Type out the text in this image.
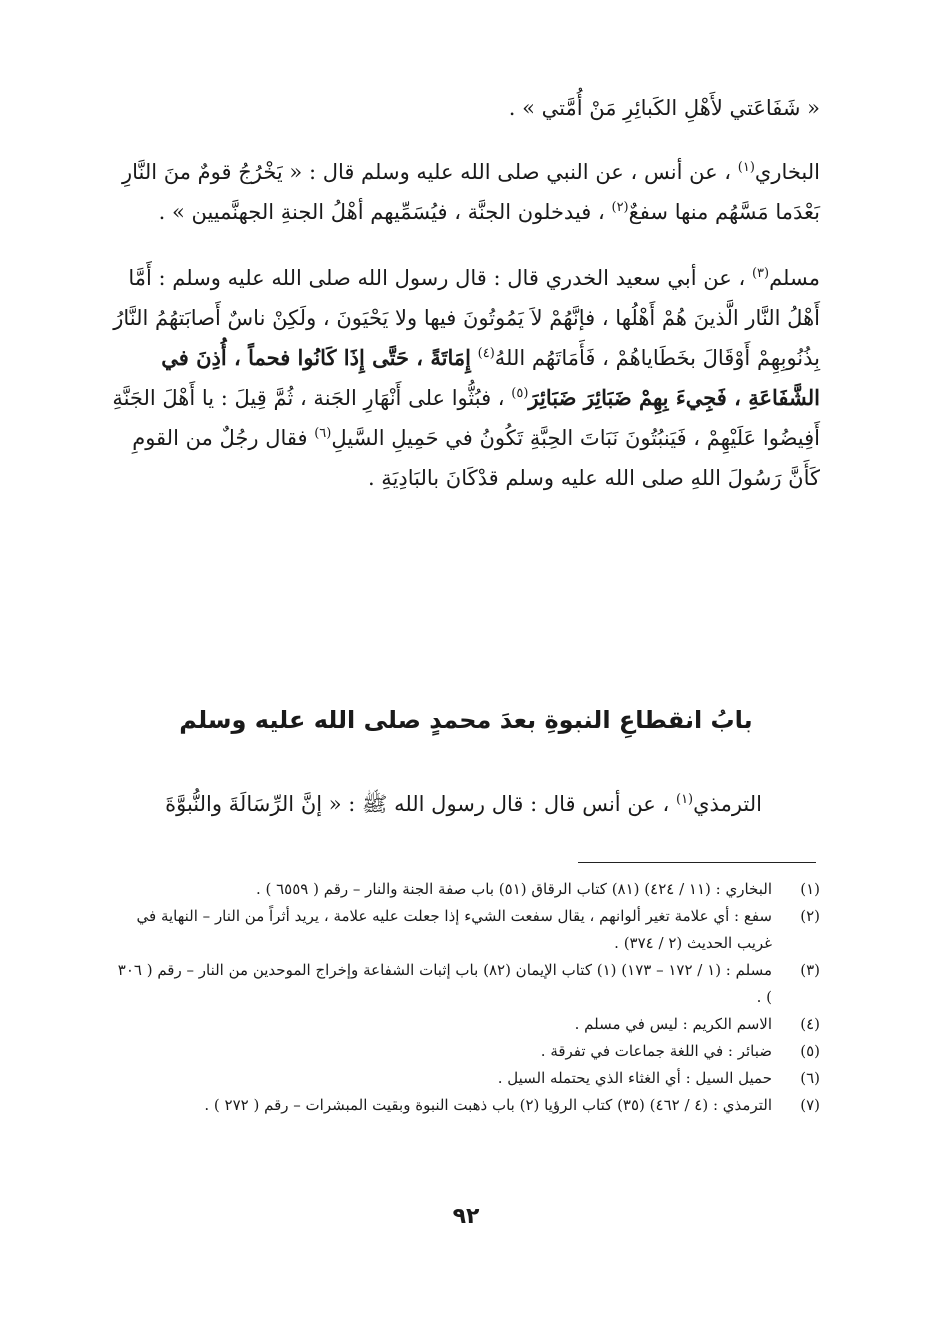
« شَفَاعَتي لأَهْلِ الكَبائِرِ مَنْ أُمَّتي » .

البخاري$^{(١)}$ ، عن أنس ، عن النبي صلى الله عليه وسلم قال : « يَخْرُجُ قومٌ منَ النَّارِ بَعْدَما مَسَّهُم منها سفعٌ$^{(٢)}$ ، فيدخلون الجنَّة ، فيُسَمِّيهم أهْلُ الجنةِ الجهنَّميين » .

مسلم$^{(٣)}$ ، عن أبي سعيد الخدري قال : قال رسول الله صلى الله عليه وسلم : أَمَّا أَهْلُ النَّار الَّذينَ هُمْ أَهْلُها ، فإنَّهُمْ لاَ يَمُوتُونَ فيها ولا يَحْيَونَ ، ولَكِنْ ناسٌ أَصابَتهُمُ النَّارُ بِذُنُوبِهِمْ أَوْقَالَ بخَطَاياهُمْ ، فَأَمَاتَهُم اللهُ$^{(٤)}$ إِمَاتَةً ، حَتَّى إِذَا كَانُوا فحماً ، أُذِنَ في الشَّفَاعَةِ ، فَجِيءَ بِهِمْ ضَبَائِرَ ضَبَائِرَ$^{(٥)}$ ، فبُثُّوا على أَنْهَارِ الجَنة ، ثُمَّ قِيلَ : يا أَهْلَ الجَنَّةِ أَفِيضُوا عَلَيْهِمْ ، فَيَنبُتُونَ نَبَاتَ الحِبَّةِ تَكُونُ في حَمِيلِ السَّيلِ$^{(٦)}$ فقال رجُلٌ من القومِ كَأَنَّ رَسُولَ اللهِ صلى الله عليه وسلم قدْكَانَ بالبَادِيَةِ .

بابُ انقطاعِ النبوةِ بعدَ محمدٍ صلى الله عليه وسلم
الترمذي$^{(١)}$ ، عن أنس قال : قال رسول الله ﷺ : « إنَّ الرِّسَالَةَ والنُّبوَّةَ
(١)
البخاري : (١١ / ٤٢٤) (٨١) كتاب الرقاق (٥١) باب صفة الجنة والنار – رقم ( ٦٥٥٩ ) .
(٢)
سفع : أي علامة تغير ألوانهم ، يقال سفعت الشيء إذا جعلت عليه علامة ، يريد أثراً من النار – النهاية في غريب الحديث (٢ / ٣٧٤) .
(٣)
مسلم : (١ / ١٧٢ – ١٧٣) (١) كتاب الإيمان (٨٢) باب إثبات الشفاعة وإخراج الموحدين من النار – رقم ( ٣٠٦ ) .
(٤)
الاسم الكريم : ليس في مسلم .
(٥)
ضبائر : في اللغة جماعات في تفرقة .
(٦)
حميل السيل : أي الغثاء الذي يحتمله السيل .
(٧)
الترمذي : (٤ / ٤٦٢) (٣٥) كتاب الرؤيا (٢) باب ذهبت النبوة وبقيت المبشرات – رقم ( ٢٧٢ ) .
٩٢
